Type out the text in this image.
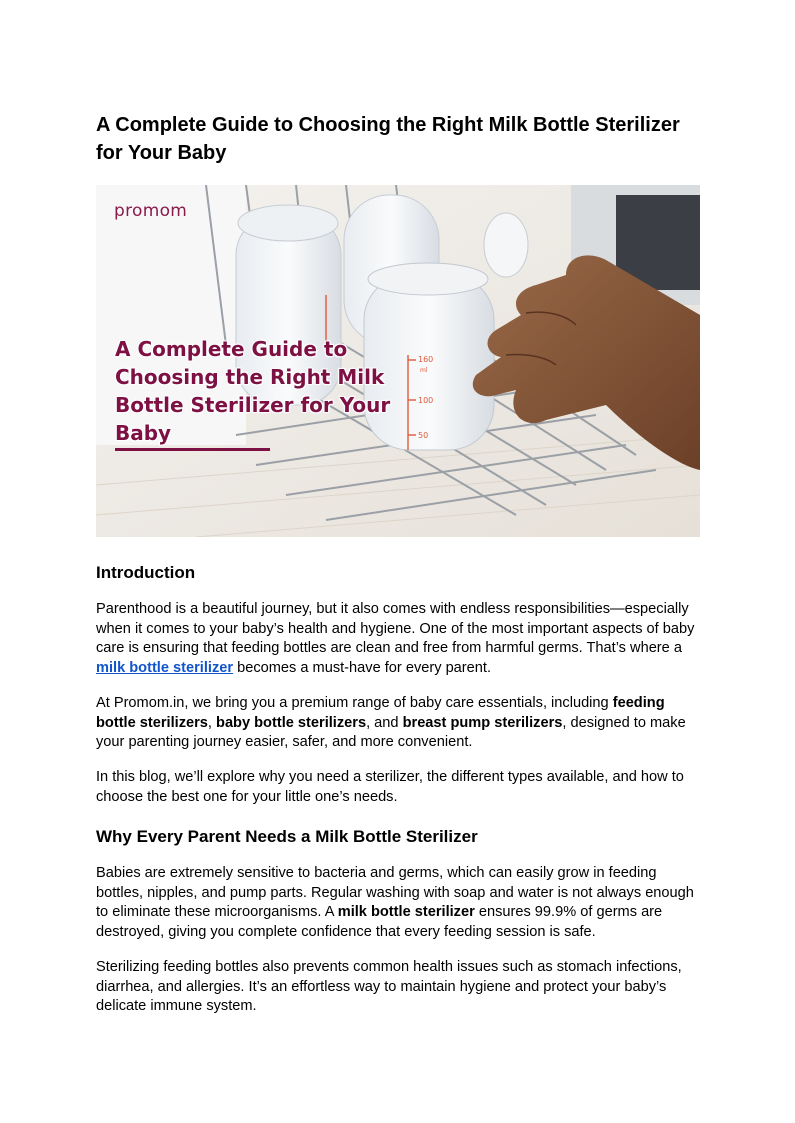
A Complete Guide to Choosing the Right Milk Bottle Sterilizer for Your Baby
160
ml
100
50
promom
A Complete Guide to Choosing the Right Milk Bottle Sterilizer for Your Baby
Introduction

Parenthood is a beautiful journey, but it also comes with endless responsibilities—especially when it comes to your baby’s health and hygiene. One of the most important aspects of baby care is ensuring that feeding bottles are clean and free from harmful germs. That’s where a milk bottle sterilizer becomes a must-have for every parent.

At Promom.in, we bring you a premium range of baby care essentials, including feeding bottle sterilizers, baby bottle sterilizers, and breast pump sterilizers, designed to make your parenting journey easier, safer, and more convenient.

In this blog, we’ll explore why you need a sterilizer, the different types available, and how to choose the best one for your little one’s needs.

Why Every Parent Needs a Milk Bottle Sterilizer

Babies are extremely sensitive to bacteria and germs, which can easily grow in feeding bottles, nipples, and pump parts. Regular washing with soap and water is not always enough to eliminate these microorganisms. A milk bottle sterilizer ensures 99.9% of germs are destroyed, giving you complete confidence that every feeding session is safe.

Sterilizing feeding bottles also prevents common health issues such as stomach infections, diarrhea, and allergies. It’s an effortless way to maintain hygiene and protect your baby’s delicate immune system.
